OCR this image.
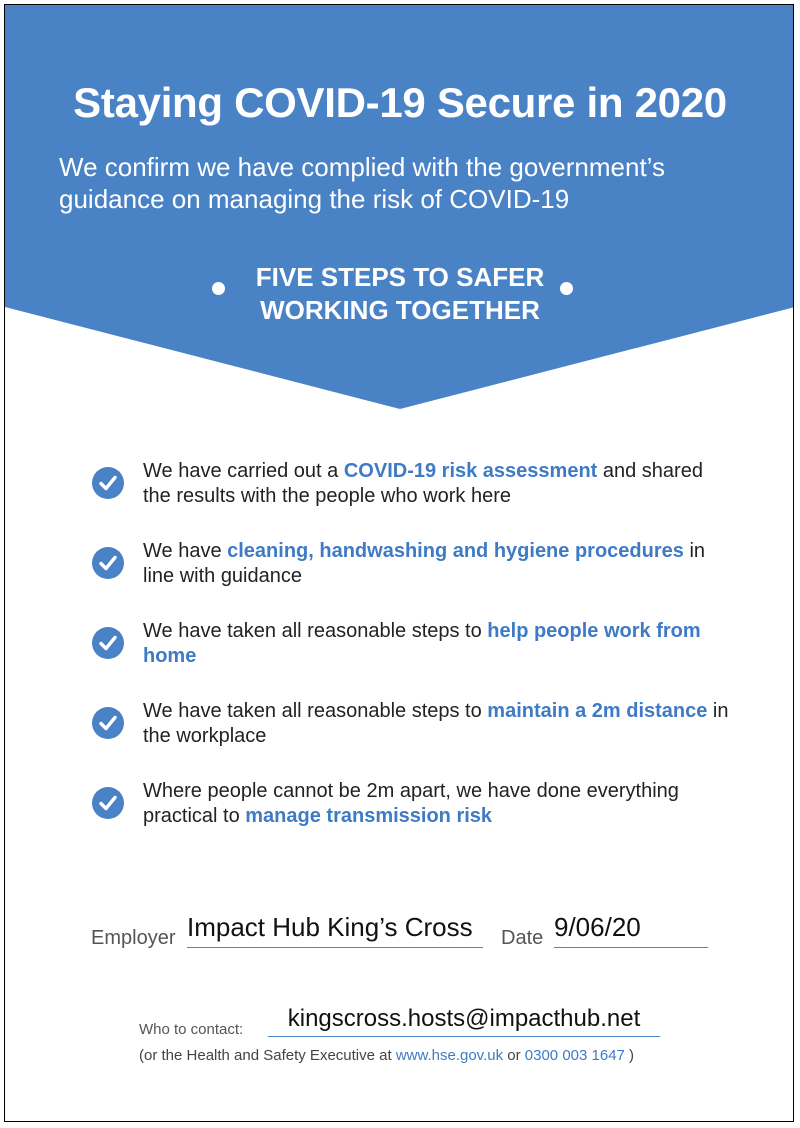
Staying COVID-19 Secure in 2020

We confirm we have complied with the government’s guidance on managing the risk of COVID-19

FIVE STEPS TO SAFER
WORKING TOGETHER
We have carried out a COVID-19 risk assessment and shared the results with the people who work here
We have cleaning, handwashing and hygiene procedures in line with guidance
We have taken all reasonable steps to help people work from home
We have taken all reasonable steps to maintain a 2m distance in the workplace
Where people cannot be 2m apart, we have done everything practical to manage transmission risk
Employer Impact Hub King’s Cross	Date 9/06/20
Who to contact:	kingscross.hosts@impacthub.net
(or the Health and Safety Executive at www.hse.gov.uk or 0300 003 1647 )
